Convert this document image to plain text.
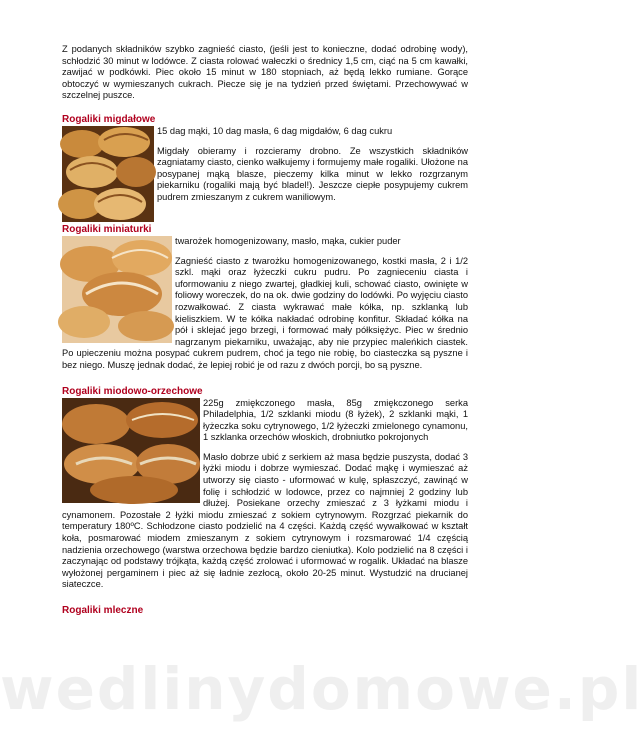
Z podanych składników szybko zagnieść ciasto, (jeśli jest to konieczne, dodać odrobinę wody), schłodzić 30 minut w lodówce. Z ciasta rolować wałeczki o średnicy 1,5 cm, ciąć na 5 cm kawałki, zawijać w podkówki. Piec około 15 minut w 180 stopniach, aż będą lekko rumiane. Gorące obtoczyć w wymieszanych cukrach. Piecze się je na tydzień przed świętami. Przechowywać w szczelnej puszce.

Rogaliki migdałowe

15 dag mąki, 10 dag masła, 6 dag migdałów, 6 dag cukru

Migdały obieramy i rozcieramy drobno. Ze wszystkich składników zagniatamy ciasto, cienko wałkujemy i formujemy małe rogaliki. Ułożone na posypanej mąką blasze, pieczemy kilka minut w lekko rozgrzanym piekarniku (rogaliki mają być bladel!). Jeszcze ciepłe posypujemy cukrem pudrem zmieszanym z cukrem waniliowym.

Rogaliki miniaturki

twarożek homogenizowany, masło, mąka, cukier puder

Zagnieść ciasto z twarożku homogenizowanego, kostki masła, 2 i 1/2 szkl. mąki oraz łyżeczki cukru pudru. Po zagnieceniu ciasta i uformowaniu z niego zwartej, gładkiej kuli, schować ciasto, owinięte w foliowy woreczek, do na ok. dwie godziny do lodówki. Po wyjęciu ciasto rozwałkować. Z ciasta wykrawać małe kółka, np. szklanką lub kieliszkiem. W te kółka nakładać odrobinę konfitur. Składać kółka na pół i sklejać jego brzegi, i formować mały półksiężyc. Piec w średnio nagrzanym piekarniku, uważając, aby nie przypiec maleńkich ciastek. Po upieczeniu można posypać cukrem pudrem, choć ja tego nie robię, bo ciasteczka są pyszne i bez niego. Muszę jednak dodać, że lepiej robić je od razu z dwóch porcji, bo są pyszne.

Rogaliki miodowo-orzechowe

225g zmiękczonego masła, 85g zmiękczonego serka Philadelphia, 1/2 szklanki miodu (8 łyżek), 2 szklanki mąki, 1 łyżeczka soku cytrynowego, 1/2 łyżeczki zmielonego cynamonu, 1 szklanka orzechów włoskich, drobniutko pokrojonych

Masło dobrze ubić z serkiem aż masa będzie puszysta, dodać 3 łyżki miodu i dobrze wymieszać. Dodać mąkę i wymieszać aż utworzy się ciasto - uformować w kulę, spłaszczyć, zawinąć w folię i schłodzić w lodowce, przez co najmniej 2 godziny lub dłużej. Posiekane orzechy zmieszać z 3 łyżkami miodu i cynamonem. Pozostałe 2 łyżki miodu zmieszać z sokiem cytrynowym. Rozgrzać piekarnik do temperatury 180ºC. Schłodzone ciasto podzielić na 4 części. Każdą część wywałkować w kształt koła, posmarować miodem zmieszanym z sokiem cytrynowym i rozsmarować 1/4 częścią nadzienia orzechowego (warstwa orzechowa będzie bardzo cieniutka). Kolo podzielić na 8 części i zaczynając od podstawy trójkąta, każdą część zrolować i uformować w rogalik. Układać na blasze wyłożonej pergaminem i piec aż się ładnie zezłocą, około 20-25 minut. Wystudzić na drucianej siateczce.

Rogaliki mleczne
wedlinydomowe.pl
